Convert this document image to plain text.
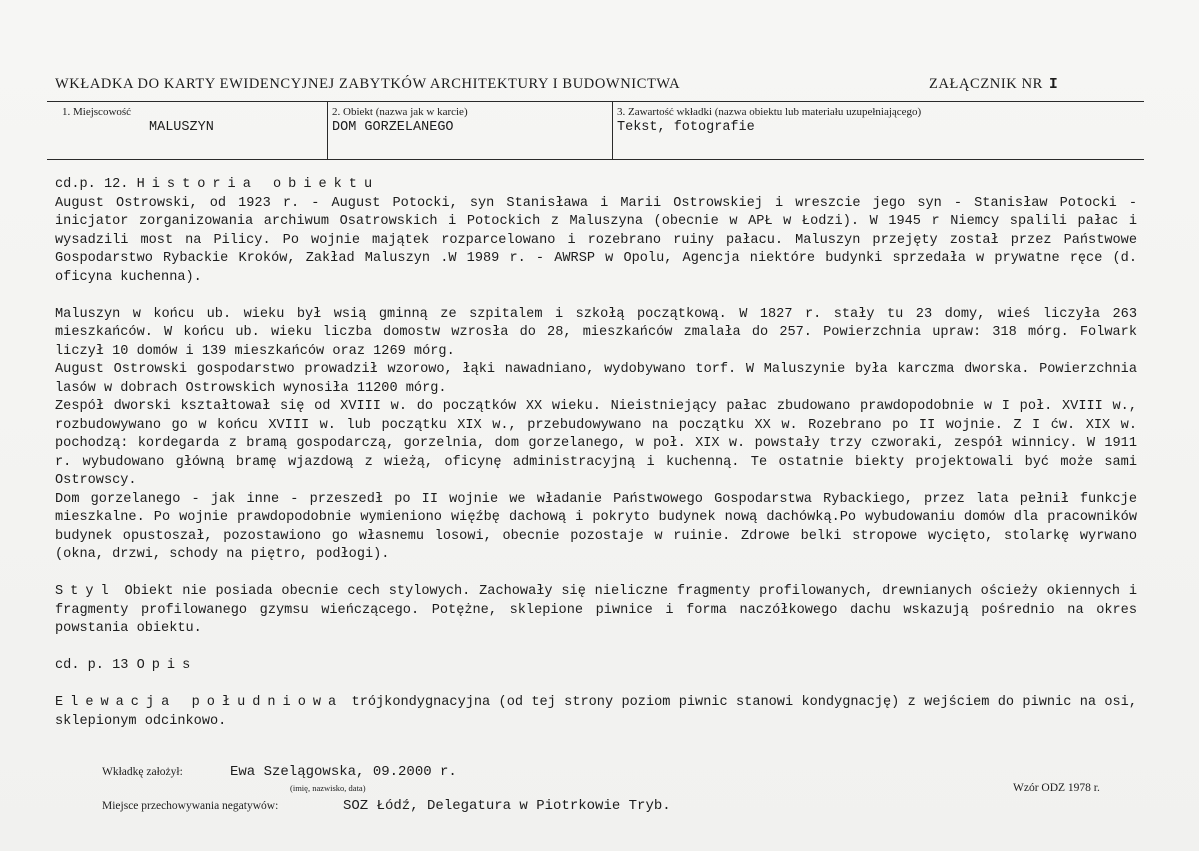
WKŁADKA DO KARTY EWIDENCYJNEJ ZABYTKÓW ARCHITEKTURY I BUDOWNICTWA	ZAŁĄCZNIK NR I
1. Miejscowość
MALUSZYN
2. Obiekt (nazwa jak w karcie)
DOM GORZELANEGO
3. Zawartość wkładki (nazwa obiektu lub materiału uzupełniającego)
Tekst, fotografie

cd.p. 12. Historia obiektu

August Ostrowski, od 1923 r. - August Potocki, syn Stanisława i Marii Ostrowskiej i wreszcie jego syn - Stanisław Potocki - inicjator zorganizowania archiwum Osatrowskich i Potockich z Maluszyna (obecnie w APŁ w Łodzi). W 1945 r Niemcy spalili pałac i wysadzili most na Pilicy. Po wojnie majątek rozparcelowano i rozebrano ruiny pałacu. Maluszyn przejęty został przez Państwowe Gospodarstwo Rybackie Kroków, Zakład Maluszyn .W 1989 r. - AWRSP w Opolu, Agencja niektóre budynki sprzedała w prywatne ręce (d. oficyna kuchenna).

Maluszyn w końcu ub. wieku był wsią gminną ze szpitalem i szkołą początkową. W 1827 r. stały tu 23 domy, wieś liczyła 263 mieszkańców. W końcu ub. wieku liczba domostw wzrosła do 28, mieszkańców zmalała do 257. Powierzchnia upraw: 318 mórg. Folwark liczył 10 domów i 139 mieszkańców oraz 1269 mórg.

August Ostrowski gospodarstwo prowadził wzorowo, łąki nawadniano, wydobywano torf. W Maluszynie była karczma dworska. Powierzchnia lasów w dobrach Ostrowskich wynosiła 11200 mórg.

Zespół dworski kształtował się od XVIII w. do początków XX wieku. Nieistniejący pałac zbudowano prawdopodobnie w I poł. XVIII w., rozbudowywano go w końcu XVIII w. lub początku XIX w., przebudowywano na początku XX w. Rozebrano po II wojnie. Z I ćw. XIX w. pochodzą: kordegarda z bramą gospodarczą, gorzelnia, dom gorzelanego, w poł. XIX w. powstały trzy czworaki, zespół winnicy. W 1911 r. wybudowano główną bramę wjazdową z wieżą, oficynę administracyjną i kuchenną. Te ostatnie biekty projektowali być może sami Ostrowscy.

Dom gorzelanego - jak inne - przeszedł po II wojnie we władanie Państwowego Gospodarstwa Rybackiego, przez lata pełnił funkcje mieszkalne. Po wojnie prawdopodobnie wymieniono więźbę dachową i pokryto budynek nową dachówką.Po wybudowaniu domów dla pracowników budynek opustoszał, pozostawiono go własnemu losowi, obecnie pozostaje w ruinie. Zdrowe belki stropowe wycięto, stolarkę wyrwano (okna, drzwi, schody na piętro, podłogi).

Styl Obiekt nie posiada obecnie cech stylowych. Zachowały się nieliczne fragmenty profilowanych, drewnianych ościeży okiennych i fragmenty profilowanego gzymsu wieńczącego. Potężne, sklepione piwnice i forma naczółkowego dachu wskazują pośrednio na okres powstania obiektu.

cd. p. 13 Opis

Elewacja południowa trójkondygnacyjna (od tej strony poziom piwnic stanowi kondygnację) z wejściem do piwnic na osi, sklepionym odcinkowo.

Wkładkę założył:	Ewa Szelągowska, 09.2000 r.
(imię, nazwisko, data)
Miejsce przechowywania negatywów:	SOZ Łódź, Delegatura w Piotrkowie Tryb.
Wzór ODZ 1978 r.
